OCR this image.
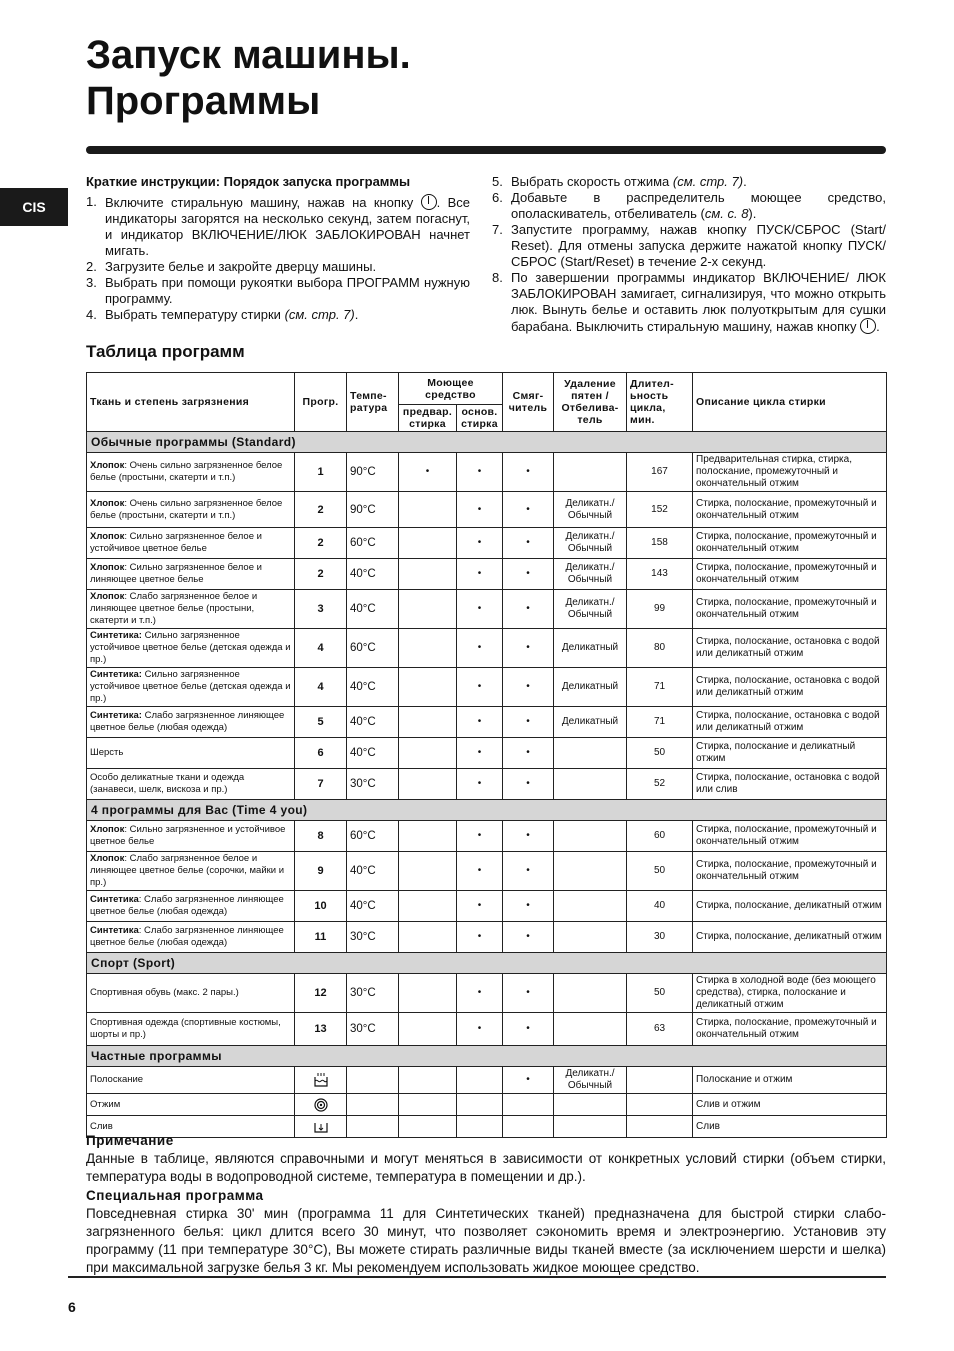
Запуск машины.
Программы
CIS
Краткие инструкции: Порядок запуска программы
1. Включите стиральную машину, нажав на кнопку . Все индикаторы загорятся на несколько секунд, затем погаснут, и индикатор ВКЛЮЧЕНИЕ/ЛЮК ЗАБЛОКИРОВАН начнет мигать.
2. Загрузите белье и закройте дверцу машины.
3. Выбрать при помощи рукоятки выбора ПРОГРАММ нужную программу.
4. Выбрать температуру стирки (см. стр. 7).
5. Выбрать скорость отжима (см. стр. 7).
6. Добавьте в распределитель моющее средство, ополаскиватель, отбеливатель (см. с. 8).
7. Запустите программу, нажав кнопку ПУСК/СБРОС (Start/ Reset). Для отмены запуска держите нажатой кнопку ПУСК/СБРОС (Start/Reset) в течение 2-х секунд.
8. По завершении программы индикатор ВКЛЮЧЕНИЕ/ ЛЮК ЗАБЛОКИРОВАН замигает, сигнализируя, что можно открыть люк. Вынуть белье и оставить люк полуоткрытым для сушки барабана. Выключить стиральную машину, нажав кнопку .
Таблица программ
Ткань и степень загрязнения	Прогр.	Темпе-ратура	Моющее средство		Смяг-читель	Удаление пятен / Отбелива-тель	Длител-ьность цикла, мин.	Описание цикла стирки
			предвар. стирка	основ. стирка				
Обычные программы (Standard)								
Хлопок: Очень сильно загрязненное белое белье (простыни, скатерти и т.п.)	1	90°C	•	•	•		167	Предварительная стирка, стирка, полоскание, промежуточный и окончательный отжим
Хлопок: Очень сильно загрязненное белое белье (простыни, скатерти и т.п.)	2	90°C		•	•	Деликатн./ Обычный	152	Стирка, полоскание, промежуточный и окончательный отжим
Хлопок: Сильно загрязненное белое и устойчивое цветное белье	2	60°C		•	•	Деликатн./ Обычный	158	Стирка, полоскание, промежуточный и окончательный отжим
Хлопок: Сильно загрязненное белое и линяющее цветное белье	2	40°C		•	•	Деликатн./ Обычный	143	Стирка, полоскание, промежуточный и окончательный отжим
Хлопок: Слабо загрязненное белое и линяющее цветное белье (простыни, скатерти и т.п.)	3	40°C		•	•	Деликатн./ Обычный	99	Стирка, полоскание, промежуточный и окончательный отжим
Синтетика: Сильно загрязненное устойчивое цветное белье (детская одежда и пр.)	4	60°C		•	•	Деликатный	80	Стирка, полоскание, остановка с водой или деликатный отжим
Синтетика: Сильно загрязненное устойчивое цветное белье (детская одежда и пр.)	4	40°C		•	•	Деликатный	71	Стирка, полоскание, остановка с водой или деликатный отжим
Синтетика: Слабо загрязненное линяющее цветное белье (любая одежда)	5	40°C		•	•	Деликатный	71	Стирка, полоскание, остановка с водой или деликатный отжим
Шерсть	6	40°C		•	•		50	Стирка, полоскание и деликатный отжим
Особо деликатные ткани и одежда (занавеси, шелк, вискоза и пр.)	7	30°C		•	•		52	Стирка, полоскание, остановка с водой или слив
4 программы для Вас (Time 4 you)								
Хлопок: Сильно загрязненное и устойчивое цветное белье	8	60°C		•	•		60	Стирка, полоскание, промежуточный и окончательный отжим
Хлопок: Слабо загрязненное белое и линяющее цветное белье (сорочки, майки и пр.)	9	40°C		•	•		50	Стирка, полоскание, промежуточный и окончательный отжим
Синтетика: Слабо загрязненное линяющее цветное белье (любая одежда)	10	40°C		•	•		40	Стирка, полоскание, деликатный отжим
Синтетика: Слабо загрязненное линяющее цветное белье (любая одежда)	11	30°C		•	•		30	Стирка, полоскание, деликатный отжим
Спорт (Sport)								
Спортивная обувь (макс. 2 пары.)	12	30°C		•	•		50	Стирка в холодной воде (без моющего средства), стирка, полоскание и деликатный отжим
Спортивная одежда (спортивные костюмы, шорты и пр.)	13	30°C		•	•		63	Стирка, полоскание, промежуточный и окончательный отжим
Частные программы								
Полоскание					•	Деликатн./ Обычный		Полоскание и отжим
Отжим								Слив и отжим
Слив								Слив
Примечание

Данные в таблице, являются справочными и могут меняться в зависимости от конкретных условий стирки (объем стирки, температура воды в водопроводной системе, температура в помещении и др.).

Специальная программа

Повседневная стирка 30' мин (программа 11 для Синтетических тканей) предназначена для быстрой стирки слабо-загрязненного белья: цикл длится всего 30 минут, что позволяет сэкономить время и электроэнергию. Установив эту программу (11 при температуре 30°C), Вы можете стирать различные виды тканей вместе (за исключением шерсти и шелка) при максимальной загрузке белья 3 кг. Мы рекомендуем использовать жидкое моющее средство.

6
